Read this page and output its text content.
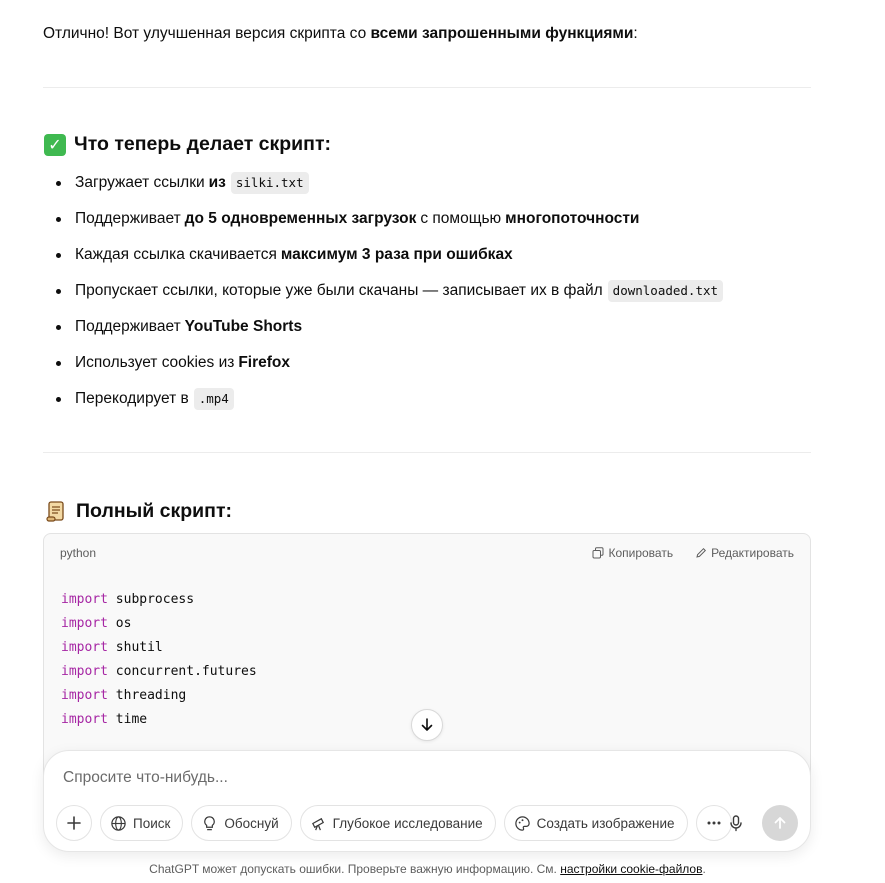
Отлично! Вот улучшенная версия скрипта со всеми запрошенными функциями:
✓ Что теперь делает скрипт:
Загружает ссылки из silki.txt
Поддерживает до 5 одновременных загрузок с помощью многопоточности
Каждая ссылка скачивается максимум 3 раза при ошибках
Пропускает ссылки, которые уже были скачаны — записывает их в файл downloaded.txt
Поддерживает YouTube Shorts
Использует cookies из Firefox
Перекодирует в .mp4
Полный скрипт:
python	Копировать	Редактировать
import subprocess
import os
import shutil
import concurrent.futures
import threading
import time
Спросите что-нибудь...
Поиск	Обоснуй	Глубокое исследование	Создать изображение
ChatGPT может допускать ошибки. Проверьте важную информацию. См. настройки cookie-файлов.
